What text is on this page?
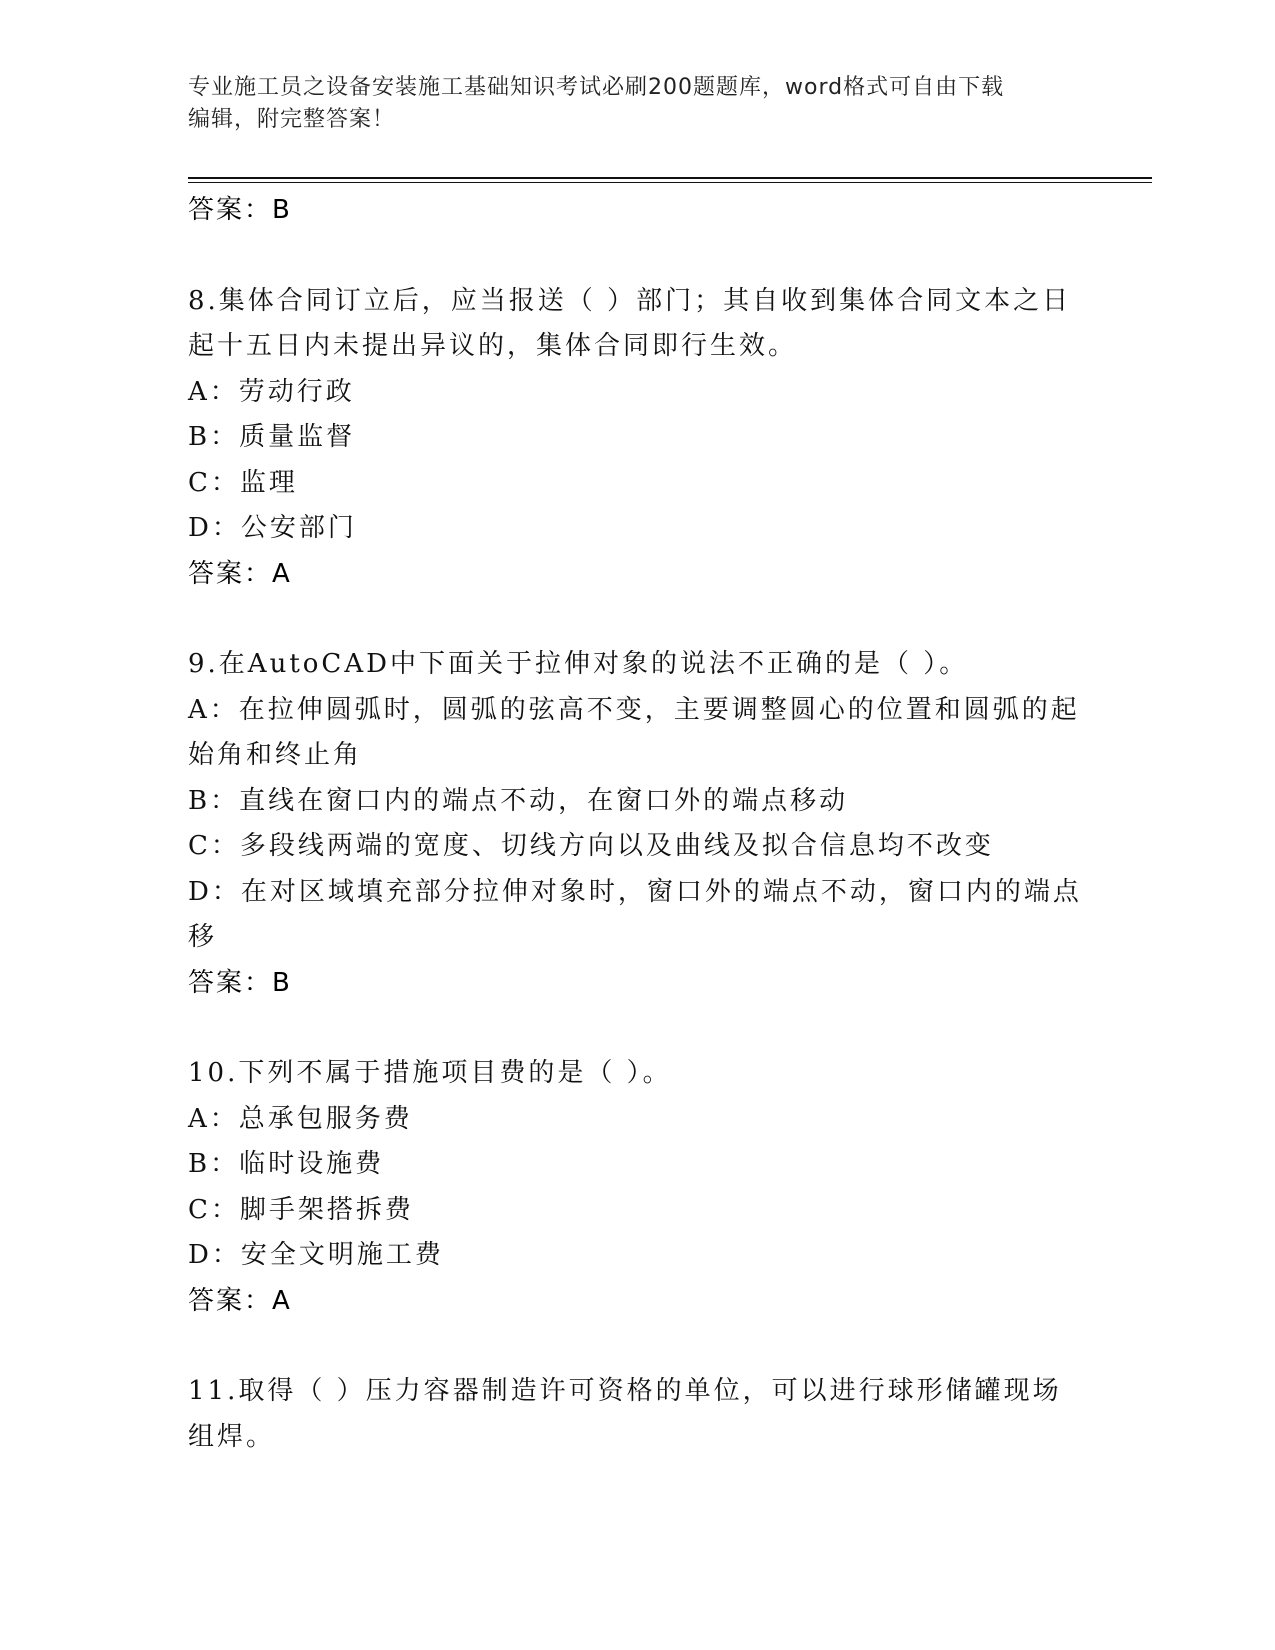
专业施工员之设备安装施工基础知识考试必刷200题题库，word格式可自由下载
编辑，附完整答案！
答案：B
8.集体合同订立后，应当报送（ ）部门；其自收到集体合同文本之日
起十五日内未提出异议的，集体合同即行生效。
A：劳动行政
B：质量监督
C：监理
D：公安部门
答案：A
9.在AutoCAD中下面关于拉伸对象的说法不正确的是（ ）。
A：在拉伸圆弧时，圆弧的弦高不变，主要调整圆心的位置和圆弧的起
始角和终止角
B：直线在窗口内的端点不动，在窗口外的端点移动
C：多段线两端的宽度、切线方向以及曲线及拟合信息均不改变
D：在对区域填充部分拉伸对象时，窗口外的端点不动，窗口内的端点
移
答案：B
10.下列不属于措施项目费的是（ ）。
A：总承包服务费
B：临时设施费
C：脚手架搭拆费
D：安全文明施工费
答案：A
11.取得（ ）压力容器制造许可资格的单位，可以进行球形储罐现场
组焊。
